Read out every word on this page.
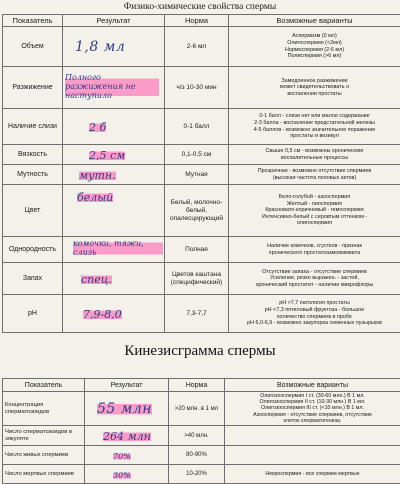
Физико-химические свойства спермы
Показатель	Результат	Норма	Возможные варианты
Объем	1,8 мл	2-6 мл	Аспермизм (0 мл)
Олигоспермия (<2мл)
Нормоспермия (2-6 мл)
Полиспермия (>6 мл)

Разжижение	Полного разжижения не наступило	ч/з 10-30 мин	Замедленное разжижение
может свидетельствовать о
воспалении простаты

Наличие слизи	2 б	0-1 балл	0-1 балл - слизи нет или малое содержание
2-3 балла - воспаление предстательной железы
4-5 баллов - возможно значительное поражение
простаты и везикул

Вязкость	2,5 см	0,1-0,5 см	Свыше 0,5 см - возможны хронические
воспалительные процессы

Мутность	мутн.	Мутная	Прозрачная - возможно отсутствие спермиев
(высокая частота половых актов)

Цвет	белый	Белый, молочно-белый, опалесцирующий	Бело-голубой - азооспермия
Желтый - пиоспермия
Красновато-коричневый - гемоспермия
Интенсивно-белый с серовтым оттенком -
олигоспермия

Однородность	комочки, тяжи, слизь	Полная	Наличие комочков, сгустков - признак
хронического простатоазмоиммиита

Запах	спец.	Цветов каштана (специфический)	Отсутствие запаха - отсутствие спермиев
Усиление, резко выражен. - застой,
хронический простатит - наличие микрофлоры

pH	7,9-8,0	7,3-7,7	pH >7,7 патология простаты
pH <7,3 пятиловый фруктоза - большое
количество спермиев в пробе
pH 6,0-6,9 - возможно закупорка семенных пузырьков
Кинезисграмма спермы
Показатель	Результат	Норма	Возможные варианты
Концентрация сперматозоидов	55 млн	>20 млн. в 1 мл	Олигозооспермия I ст. (30-60 млн.) В 1 мл.
Олигозооспермия II ст. (10-30 млн.) В 1 мл.
Олигозооспермия III ст. (<10 млн.) В 1 мл.
Азооспермия - отсутствие спермиев, отсутствие
клеток сперматогенеза.

Число сперматозоидов в эякуляте	264 млн	>40 млн.	
Число живых спермиев	70%	80-90%	
Число мертвых спермиев	30%	10-20%	Некроспермия - все спермии мертвые
